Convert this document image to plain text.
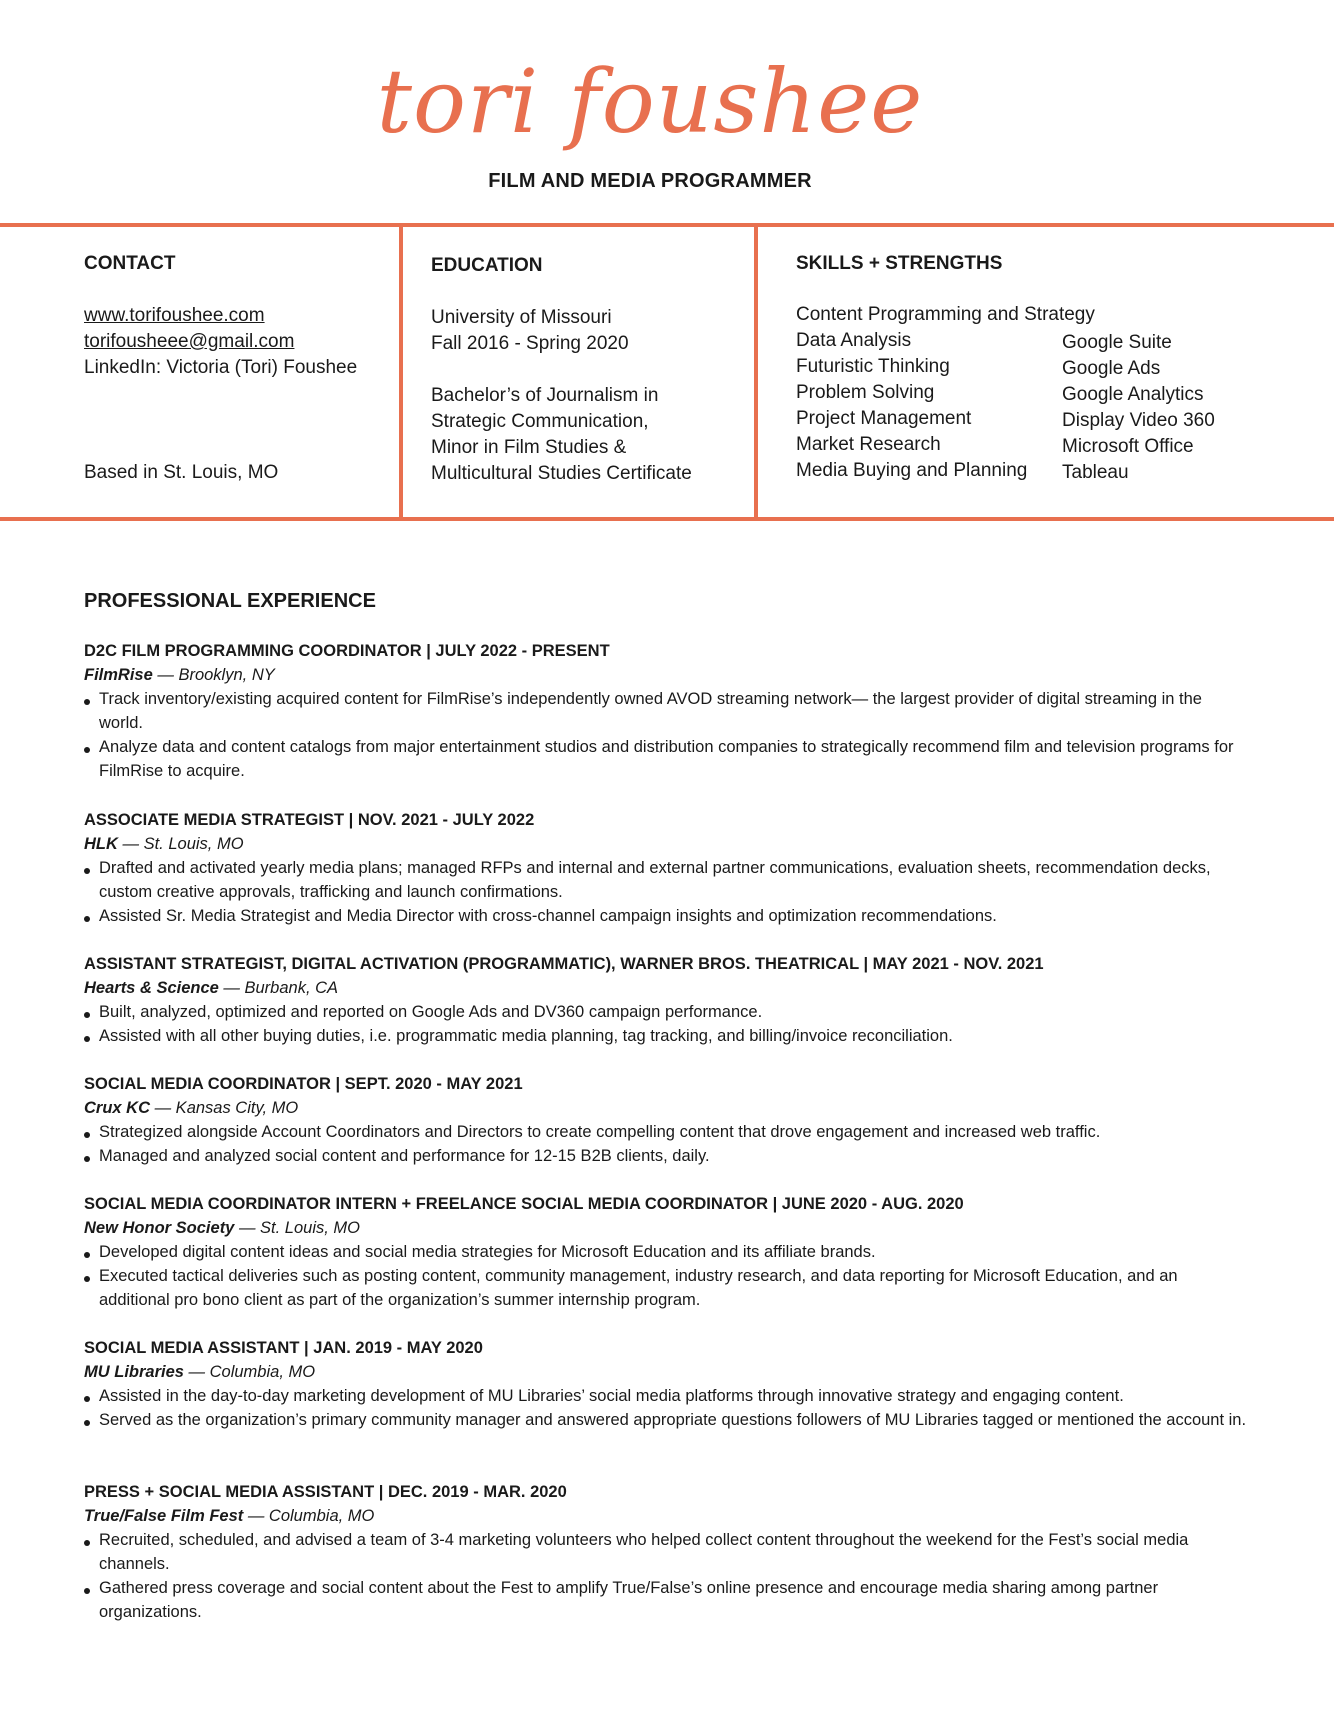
tori foushee
FILM AND MEDIA PROGRAMMER
CONTACT
www.torifoushee.com
torifousheee@gmail.com
LinkedIn: Victoria (Tori) Foushee
Based in St. Louis, MO
EDUCATION
University of Missouri
Fall 2016 - Spring 2020
Bachelor’s of Journalism in
Strategic Communication,
Minor in Film Studies &
Multicultural Studies Certificate
SKILLS + STRENGTHS
Content Programming and Strategy
Data Analysis
Futuristic Thinking
Problem Solving
Project Management
Market Research
Media Buying and Planning
Google Suite
Google Ads
Google Analytics
Display Video 360
Microsoft Office
Tableau
PROFESSIONAL EXPERIENCE
D2C FILM PROGRAMMING COORDINATOR | JULY 2022 - PRESENT
FilmRise — Brooklyn, NY
Track inventory/existing acquired content for FilmRise’s independently owned AVOD streaming network— the largest provider of digital streaming in the world.
Analyze data and content catalogs from major entertainment studios and distribution companies to strategically recommend film and television programs for FilmRise to acquire.
ASSOCIATE MEDIA STRATEGIST | NOV. 2021 - JULY 2022
HLK — St. Louis, MO
Drafted and activated yearly media plans; managed RFPs and internal and external partner communications, evaluation sheets, recommendation decks, custom creative approvals, trafficking and launch confirmations.
Assisted Sr. Media Strategist and Media Director with cross-channel campaign insights and optimization recommendations.
ASSISTANT STRATEGIST, DIGITAL ACTIVATION (PROGRAMMATIC), WARNER BROS. THEATRICAL | MAY 2021 - NOV. 2021
Hearts & Science — Burbank, CA
Built, analyzed, optimized and reported on Google Ads and DV360 campaign performance.
Assisted with all other buying duties, i.e. programmatic media planning, tag tracking, and billing/invoice reconciliation.
SOCIAL MEDIA COORDINATOR | SEPT. 2020 - MAY 2021
Crux KC — Kansas City, MO
Strategized alongside Account Coordinators and Directors to create compelling content that drove engagement and increased web traffic.
Managed and analyzed social content and performance for 12-15 B2B clients, daily.
SOCIAL MEDIA COORDINATOR INTERN + FREELANCE SOCIAL MEDIA COORDINATOR | JUNE 2020 - AUG. 2020
New Honor Society — St. Louis, MO
Developed digital content ideas and social media strategies for Microsoft Education and its affiliate brands.
Executed tactical deliveries such as posting content, community management, industry research, and data reporting for Microsoft Education, and an additional pro bono client as part of the organization’s summer internship program.
SOCIAL MEDIA ASSISTANT | JAN. 2019 - MAY 2020
MU Libraries — Columbia, MO
Assisted in the day-to-day marketing development of MU Libraries’ social media platforms through innovative strategy and engaging content.
Served as the organization’s primary community manager and answered appropriate questions followers of MU Libraries tagged or mentioned the account in.
PRESS + SOCIAL MEDIA ASSISTANT | DEC. 2019 - MAR. 2020
True/False Film Fest — Columbia, MO
Recruited, scheduled, and advised a team of 3-4 marketing volunteers who helped collect content throughout the weekend for the Fest’s social media channels.
Gathered press coverage and social content about the Fest to amplify True/False’s online presence and encourage media sharing among partner organizations.
